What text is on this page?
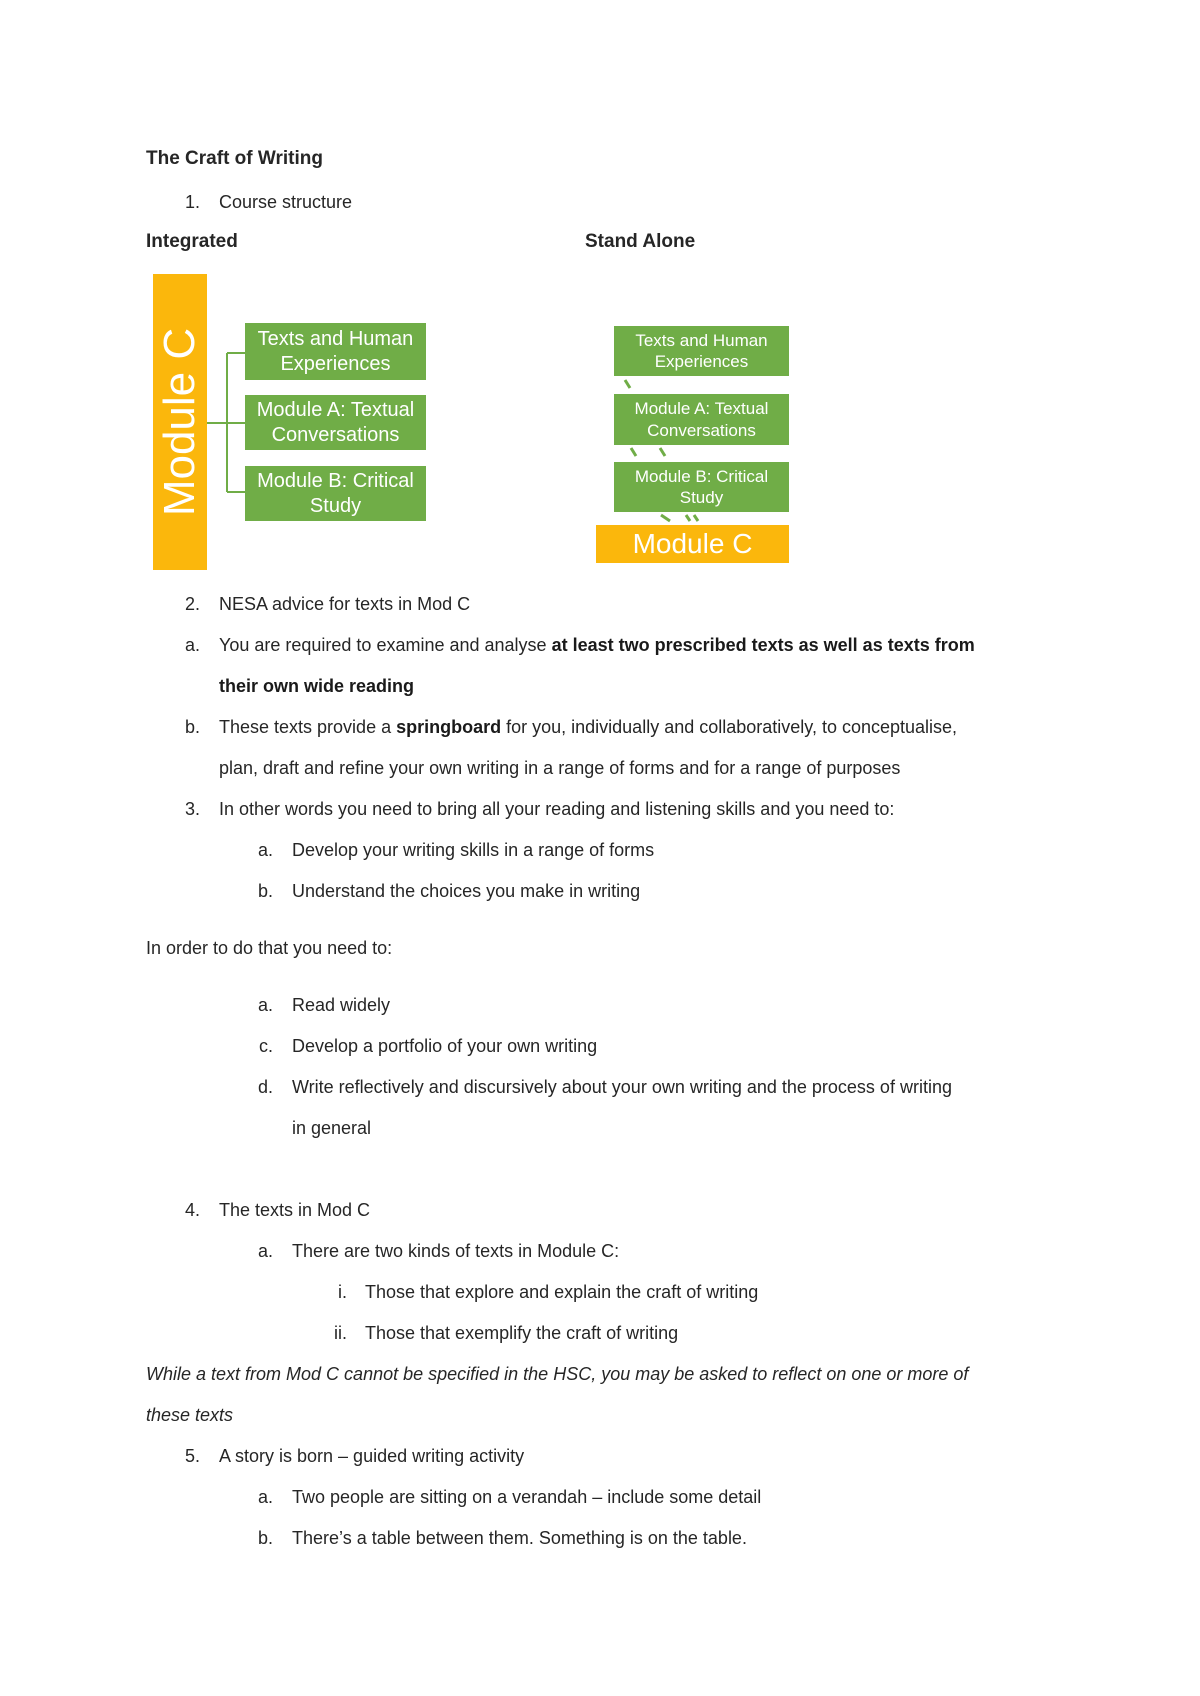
The Craft of Writing
1. Course structure
Integrated	Stand Alone
Module C	Texts and Human
Experiences
Module A: Textual
Conversations
Module B: Critical
Study
Texts and Human
Experiences
Module A: Textual
Conversations
Module B: Critical
Study
Module C
2. NESA advice for texts in Mod C
a. You are required to examine and analyse at least two prescribed texts as well as texts from
their own wide reading
b. These texts provide a springboard for you, individually and collaboratively, to conceptualise,
plan, draft and refine your own writing in a range of forms and for a range of purposes
3. In other words you need to bring all your reading and listening skills and you need to:
a. Develop your writing skills in a range of forms
b. Understand the choices you make in writing
In order to do that you need to:
a. Read widely
c. Develop a portfolio of your own writing
d. Write reflectively and discursively about your own writing and the process of writing
in general
4. The texts in Mod C
a. There are two kinds of texts in Module C:
i. Those that explore and explain the craft of writing
ii. Those that exemplify the craft of writing
While a text from Mod C cannot be specified in the HSC, you may be asked to reflect on one or more of
these texts
5. A story is born – guided writing activity
a. Two people are sitting on a verandah – include some detail
b. There’s a table between them. Something is on the table.
